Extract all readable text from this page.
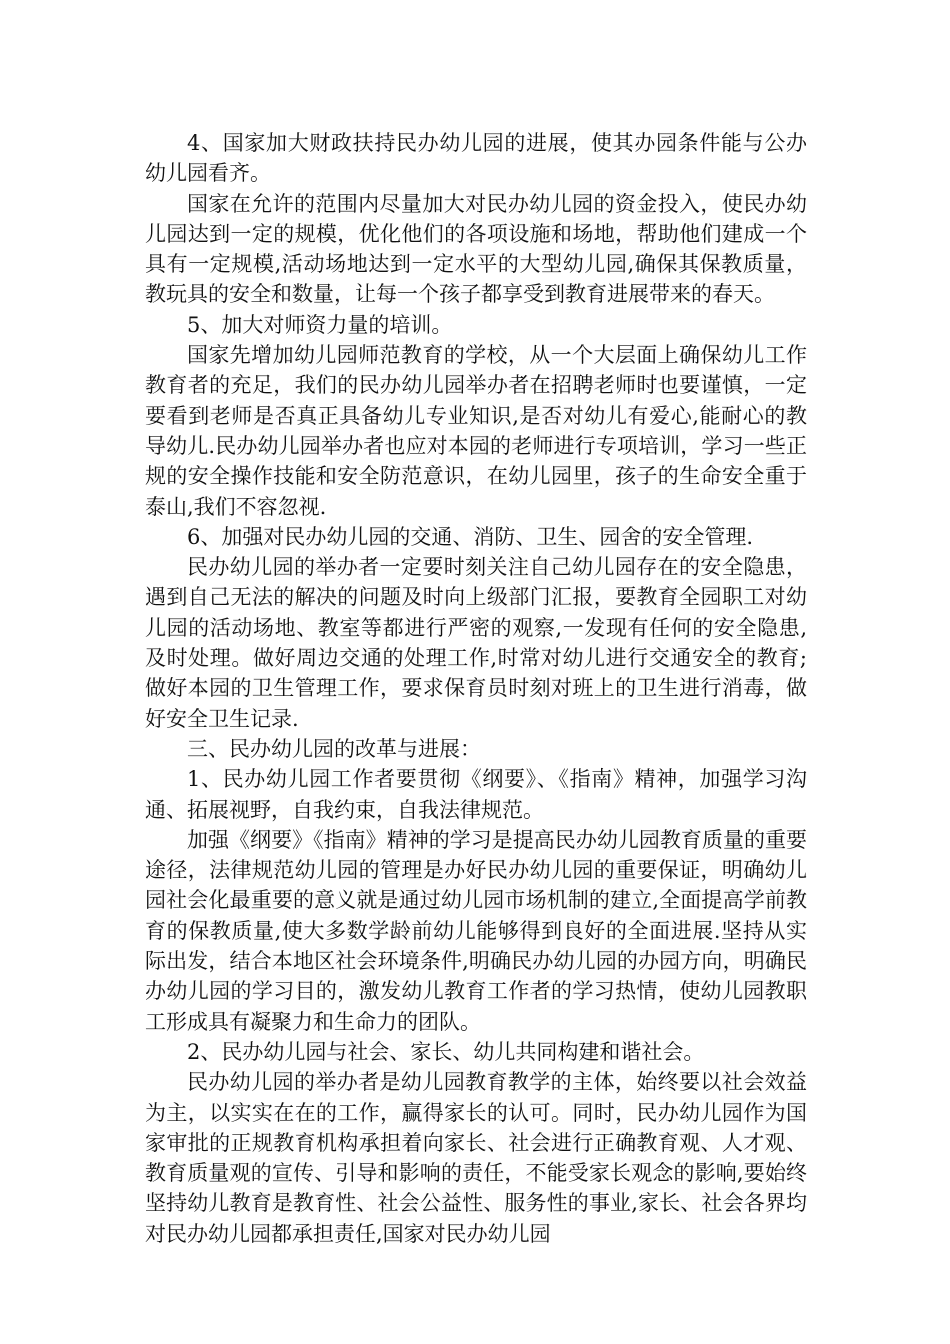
4、国家加大财政扶持民办幼儿园的进展，使其办园条件能与公办幼儿园看齐。

国家在允许的范围内尽量加大对民办幼儿园的资金投入，使民办幼儿园达到一定的规模，优化他们的各项设施和场地，帮助他们建成一个具有一定规模,活动场地达到一定水平的大型幼儿园,确保其保教质量，教玩具的安全和数量，让每一个孩子都享受到教育进展带来的春天。

5、加大对师资力量的培训。

国家先增加幼儿园师范教育的学校，从一个大层面上确保幼儿工作教育者的充足，我们的民办幼儿园举办者在招聘老师时也要谨慎，一定要看到老师是否真正具备幼儿专业知识,是否对幼儿有爱心,能耐心的教导幼儿.民办幼儿园举办者也应对本园的老师进行专项培训，学习一些正规的安全操作技能和安全防范意识，在幼儿园里，孩子的生命安全重于泰山,我们不容忽视.

6、加强对民办幼儿园的交通、消防、卫生、园舍的安全管理.

民办幼儿园的举办者一定要时刻关注自己幼儿园存在的安全隐患，遇到自己无法的解决的问题及时向上级部门汇报，要教育全园职工对幼儿园的活动场地、教室等都进行严密的观察,一发现有任何的安全隐患,及时处理。做好周边交通的处理工作,时常对幼儿进行交通安全的教育;做好本园的卫生管理工作，要求保育员时刻对班上的卫生进行消毒，做好安全卫生记录.

三、民办幼儿园的改革与进展：

1、民办幼儿园工作者要贯彻《纲要》、《指南》精神，加强学习沟通、拓展视野，自我约束，自我法律规范。

加强《纲要》《指南》精神的学习是提高民办幼儿园教育质量的重要途径，法律规范幼儿园的管理是办好民办幼儿园的重要保证，明确幼儿园社会化最重要的意义就是通过幼儿园市场机制的建立,全面提高学前教育的保教质量,使大多数学龄前幼儿能够得到良好的全面进展.坚持从实际出发，结合本地区社会环境条件,明确民办幼儿园的办园方向，明确民办幼儿园的学习目的，激发幼儿教育工作者的学习热情，使幼儿园教职工形成具有凝聚力和生命力的团队。

2、民办幼儿园与社会、家长、幼儿共同构建和谐社会。

民办幼儿园的举办者是幼儿园教育教学的主体，始终要以社会效益为主，以实实在在的工作，赢得家长的认可。同时，民办幼儿园作为国家审批的正规教育机构承担着向家长、社会进行正确教育观、人才观、教育质量观的宣传、引导和影响的责任，不能受家长观念的影响,要始终坚持幼儿教育是教育性、社会公益性、服务性的事业,家长、社会各界均对民办幼儿园都承担责任,国家对民办幼儿园
